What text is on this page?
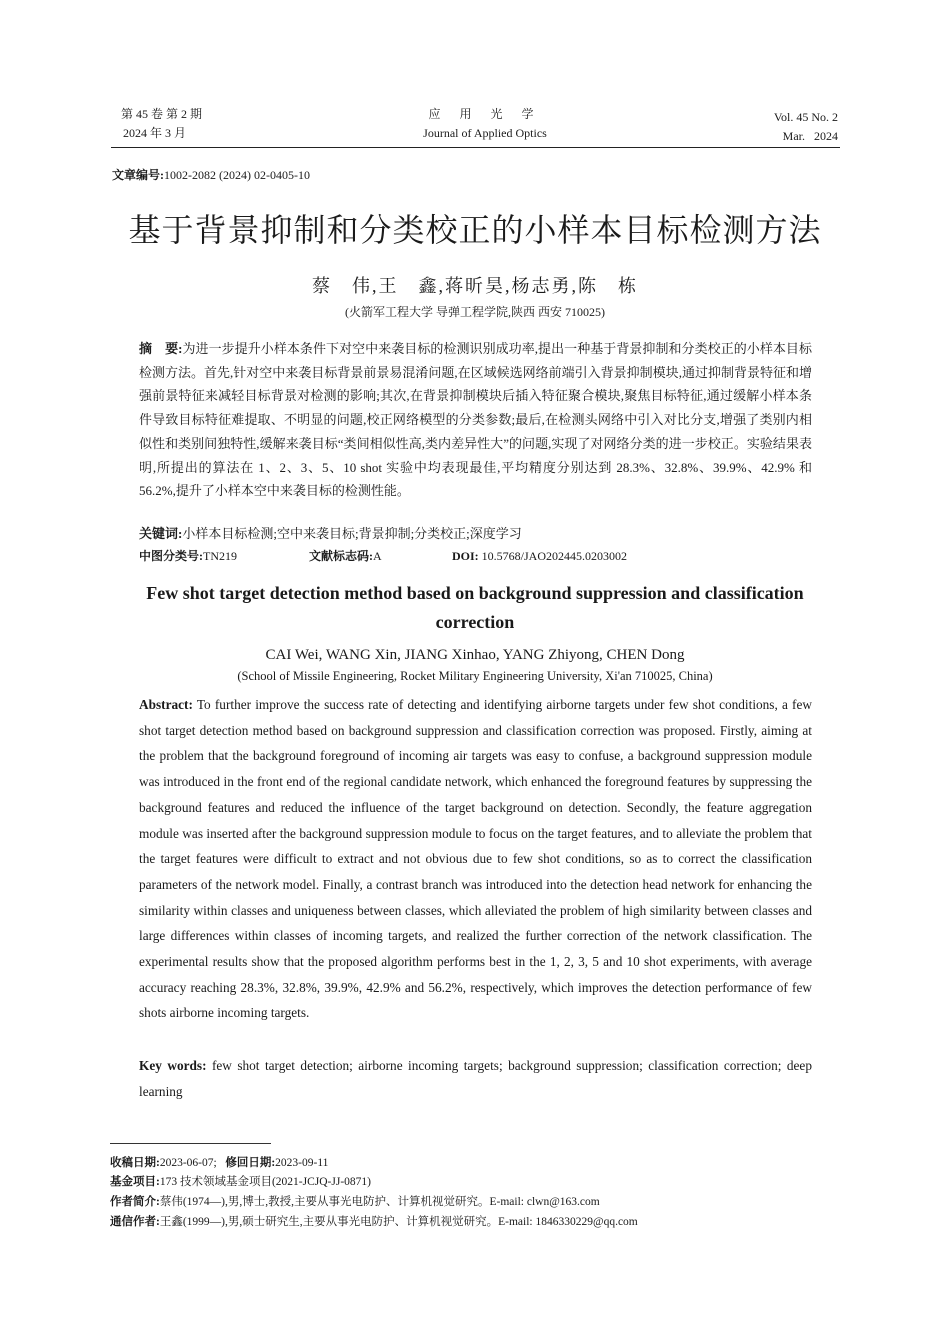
第 45 卷 第 2 期
2024 年 3 月
应 用 光 学
Journal of Applied Optics
Vol. 45 No. 2
Mar.   2024
文章编号:1002-2082 (2024) 02-0405-10
基于背景抑制和分类校正的小样本目标检测方法
蔡　伟,王　鑫,蒋昕昊,杨志勇,陈　栋
(火箭军工程大学 导弹工程学院,陕西 西安 710025)
摘　要:为进一步提升小样本条件下对空中来袭目标的检测识别成功率,提出一种基于背景抑制和分类校正的小样本目标检测方法。首先,针对空中来袭目标背景前景易混淆问题,在区域候选网络前端引入背景抑制模块,通过抑制背景特征和增强前景特征来减轻目标背景对检测的影响;其次,在背景抑制模块后插入特征聚合模块,聚焦目标特征,通过缓解小样本条件导致目标特征难提取、不明显的问题,校正网络模型的分类参数;最后,在检测头网络中引入对比分支,增强了类别内相似性和类别间独特性,缓解来袭目标“类间相似性高,类内差异性大”的问题,实现了对网络分类的进一步校正。实验结果表明,所提出的算法在 1、2、3、5、10 shot 实验中均表现最佳,平均精度分别达到 28.3%、32.8%、39.9%、42.9% 和 56.2%,提升了小样本空中来袭目标的检测性能。
关键词:小样本目标检测;空中来袭目标;背景抑制;分类校正;深度学习
中图分类号:TN219	文献标志码:A	DOI: 10.5768/JAO202445.0203002
Few shot target detection method based on background suppression and classification correction
CAI Wei, WANG Xin, JIANG Xinhao, YANG Zhiyong, CHEN Dong
(School of Missile Engineering, Rocket Military Engineering University, Xi'an 710025, China)
Abstract: To further improve the success rate of detecting and identifying airborne targets under few shot conditions, a few shot target detection method based on background suppression and classification correction was proposed. Firstly, aiming at the problem that the background foreground of incoming air targets was easy to confuse, a background suppression module was introduced in the front end of the regional candidate network, which enhanced the foreground features by suppressing the background features and reduced the influence of the target background on detection. Secondly, the feature aggregation module was inserted after the background suppression module to focus on the target features, and to alleviate the problem that the target features were difficult to extract and not obvious due to few shot conditions, so as to correct the classification parameters of the network model. Finally, a contrast branch was introduced into the detection head network for enhancing the similarity within classes and uniqueness between classes, which alleviated the problem of high similarity between classes and large differences within classes of incoming targets, and realized the further correction of the network classification. The experimental results show that the proposed algorithm performs best in the 1, 2, 3, 5 and 10 shot experiments, with average accuracy reaching 28.3%, 32.8%, 39.9%, 42.9% and 56.2%, respectively, which improves the detection performance of few shots airborne incoming targets.
Key words: few shot target detection; airborne incoming targets; background suppression; classification correction; deep learning
收稿日期:2023-06-07; 修回日期:2023-09-11
基金项目:173 技术领域基金项目(2021-JCJQ-JJ-0871)
作者简介:蔡伟(1974—),男,博士,教授,主要从事光电防护、计算机视觉研究。E-mail: clwn@163.com
通信作者:王鑫(1999—),男,硕士研究生,主要从事光电防护、计算机视觉研究。E-mail: 1846330229@qq.com
